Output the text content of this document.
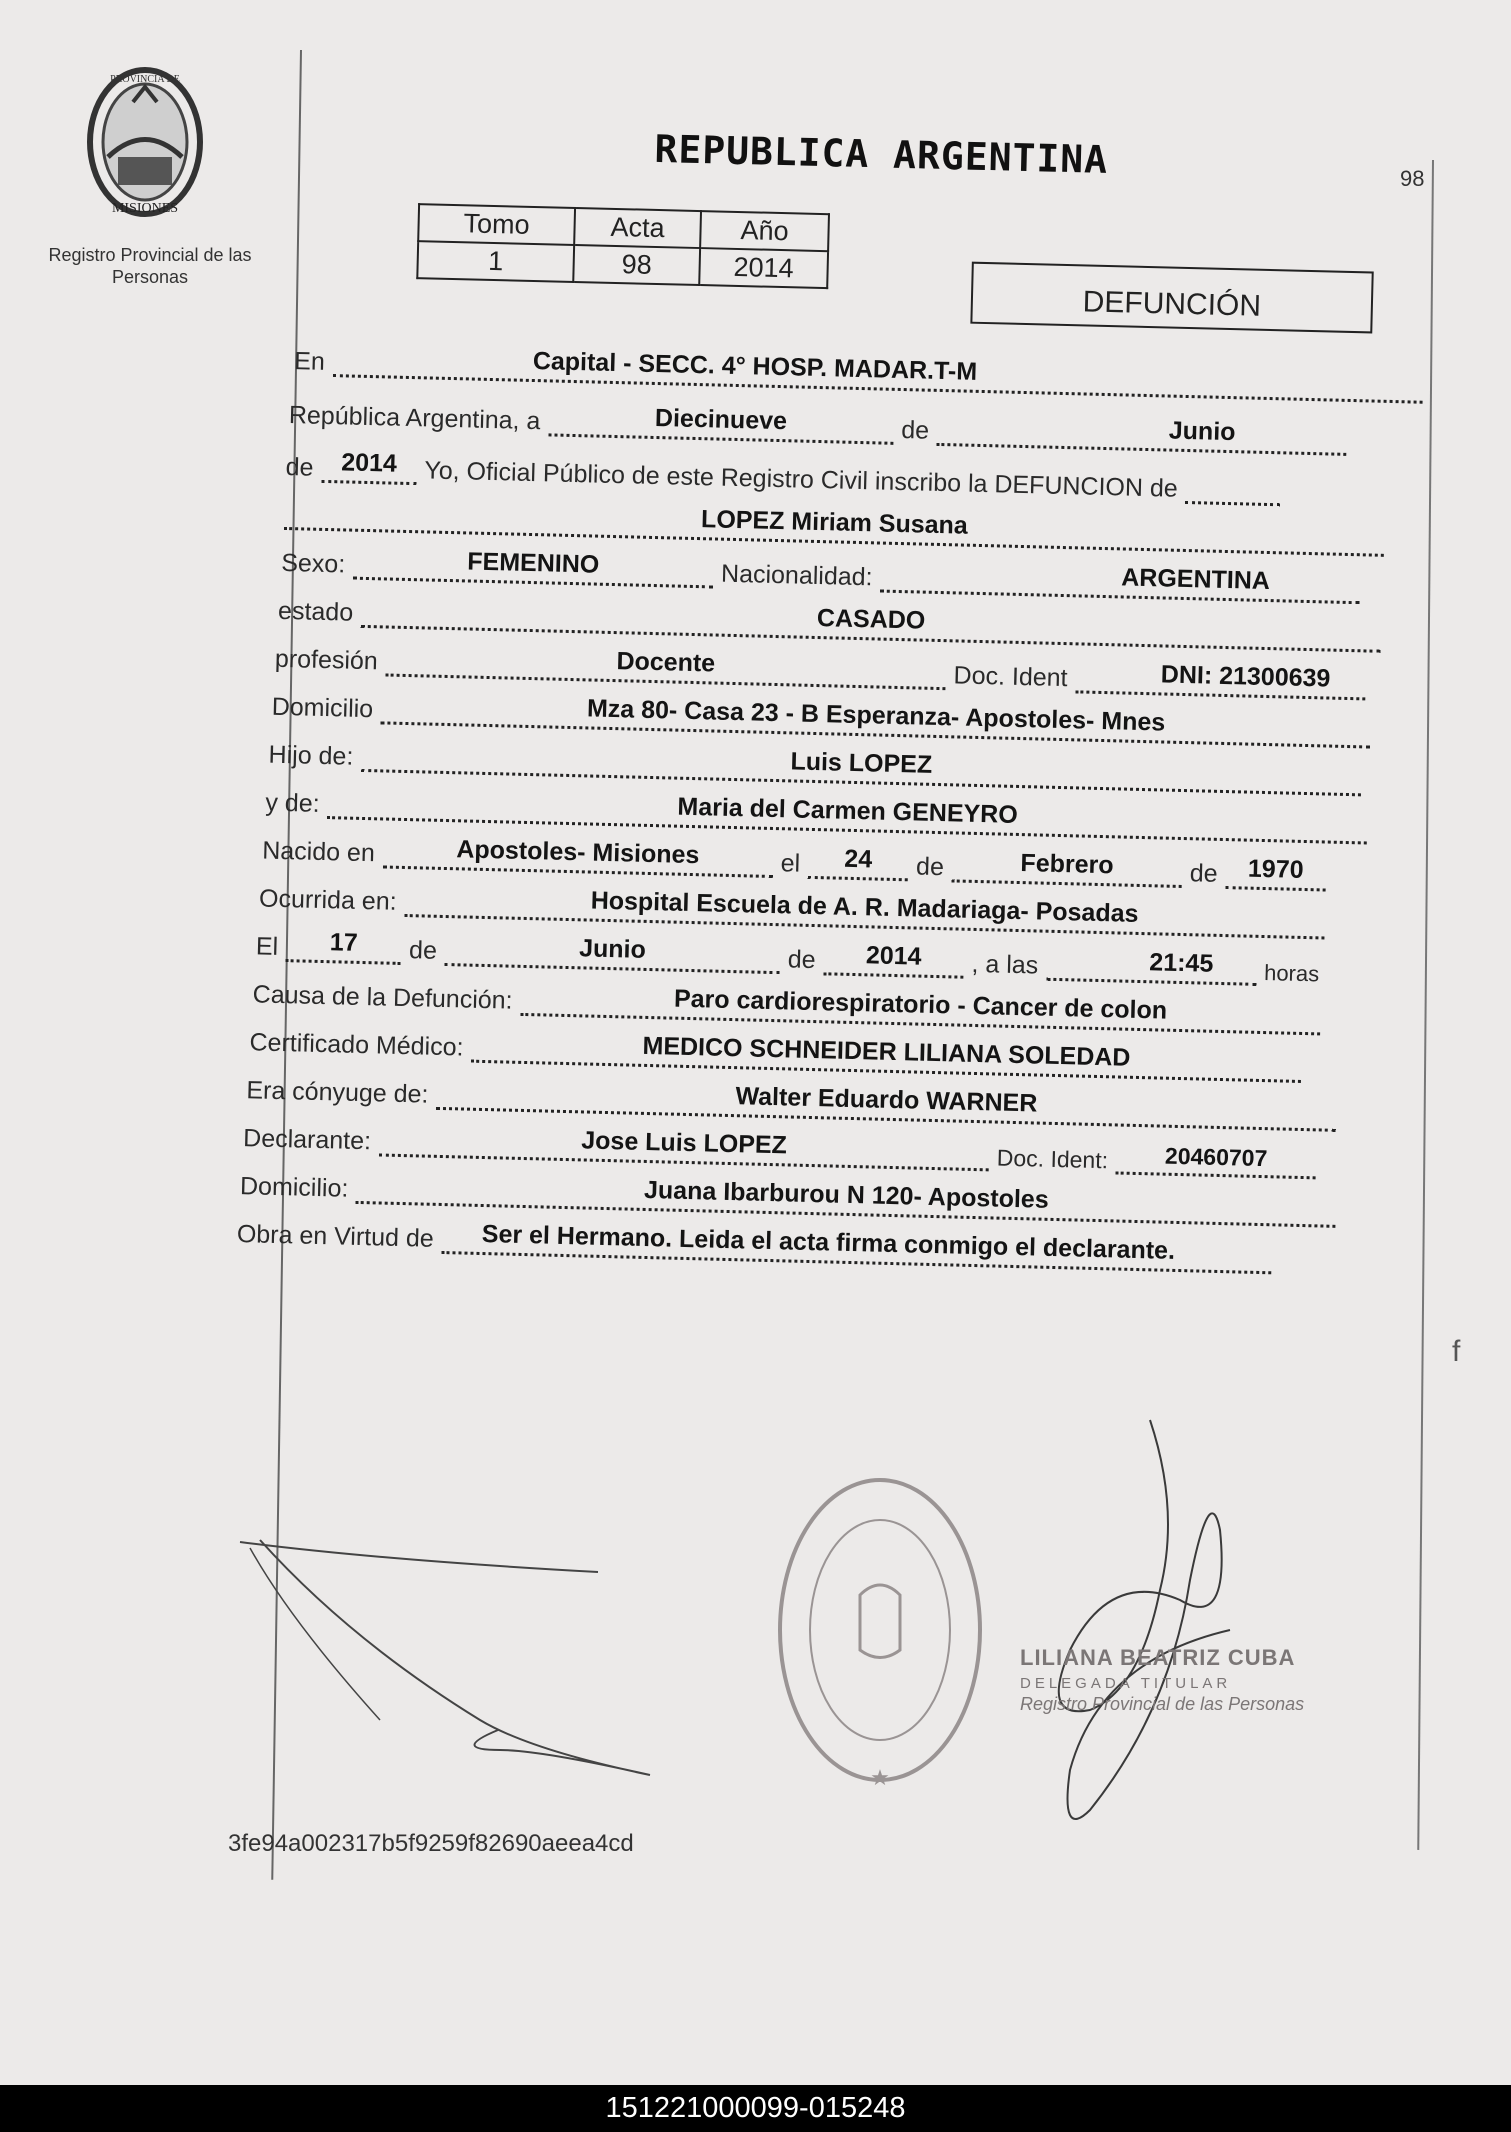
PROVINCIA DE
MISIONES
Registro Provincial de las Personas
98
REPUBLICA ARGENTINA
Tomo	Acta	Año
1	98	2014
DEFUNCIÓN
En	Capital - SECC. 4° HOSP. MADAR.T-M
República Argentina, a	Diecinueve	de	Junio
de	2014	Yo, Oficial Público de este Registro Civil inscribo la DEFUNCION de
LOPEZ Miriam Susana
Sexo:	FEMENINO	Nacionalidad:	ARGENTINA
estado	CASADO
profesión	Docente	Doc. Ident	DNI: 21300639
Domicilio	Mza 80- Casa 23 - B Esperanza- Apostoles- Mnes
Hijo de:	Luis LOPEZ
y de:	Maria del Carmen GENEYRO
Nacido en	Apostoles- Misiones	el	24	de	Febrero	de	1970
Ocurrida en:	Hospital Escuela de A. R. Madariaga- Posadas
El	17	de	Junio	de	2014	, a las	21:45	horas
Causa de la Defunción:	Paro cardiorespiratorio - Cancer de colon
Certificado Médico:	MEDICO SCHNEIDER LILIANA SOLEDAD
Era cónyuge de:	Walter Eduardo WARNER
Declarante:	Jose Luis LOPEZ	Doc. Ident:	20460707
Domicilio:	Juana Ibarburou N 120- Apostoles
Obra en Virtud de Ser el Hermano. Leida el acta firma conmigo el declarante.
★
LILIANA BEATRIZ CUBA
DELEGADA TITULAR
Registro Provincial de las Personas
3fe94a002317b5f9259f82690aeea4cd
f
151221000099-015248
